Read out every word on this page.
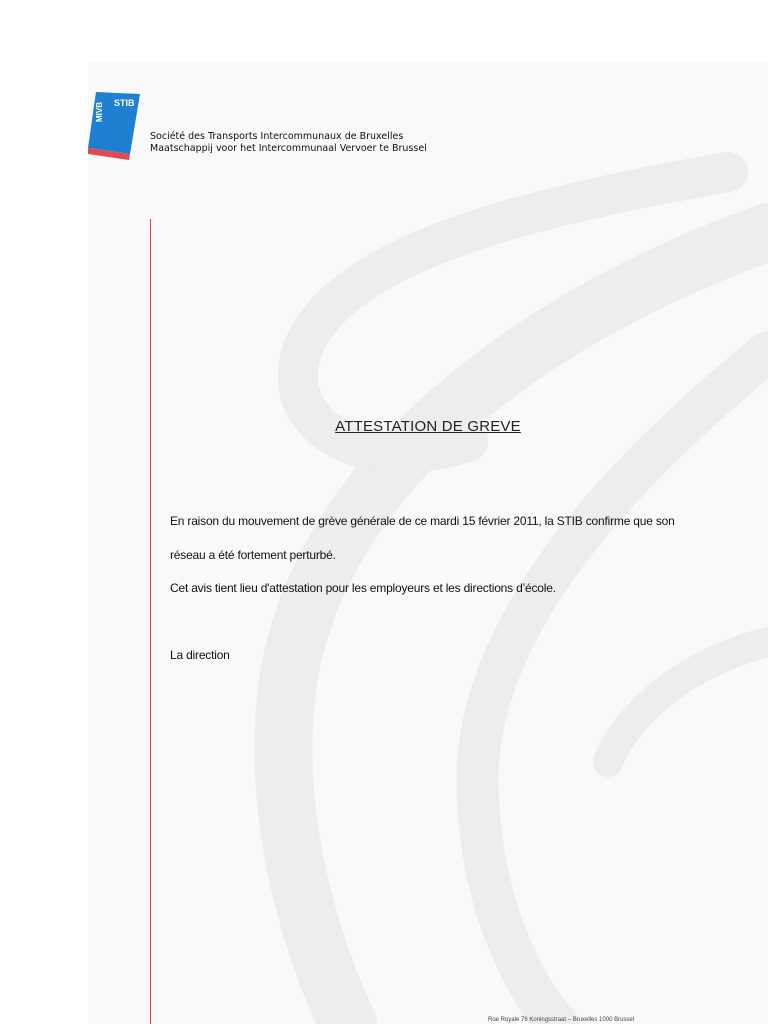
STIB
MIVB
Société des Transports Intercommunaux de Bruxelles
Maatschappij voor het Intercommunaal Vervoer te Brussel
ATTESTATION DE GREVE
En raison du mouvement de grève générale de ce mardi 15 février 2011, la STIB confirme que son
réseau a été fortement perturbé.
Cet avis tient lieu d'attestation pour les employeurs et les directions d’école.
La direction
Rue Royale 76 Koningsstraat – Bruxelles 1000 Brussel
